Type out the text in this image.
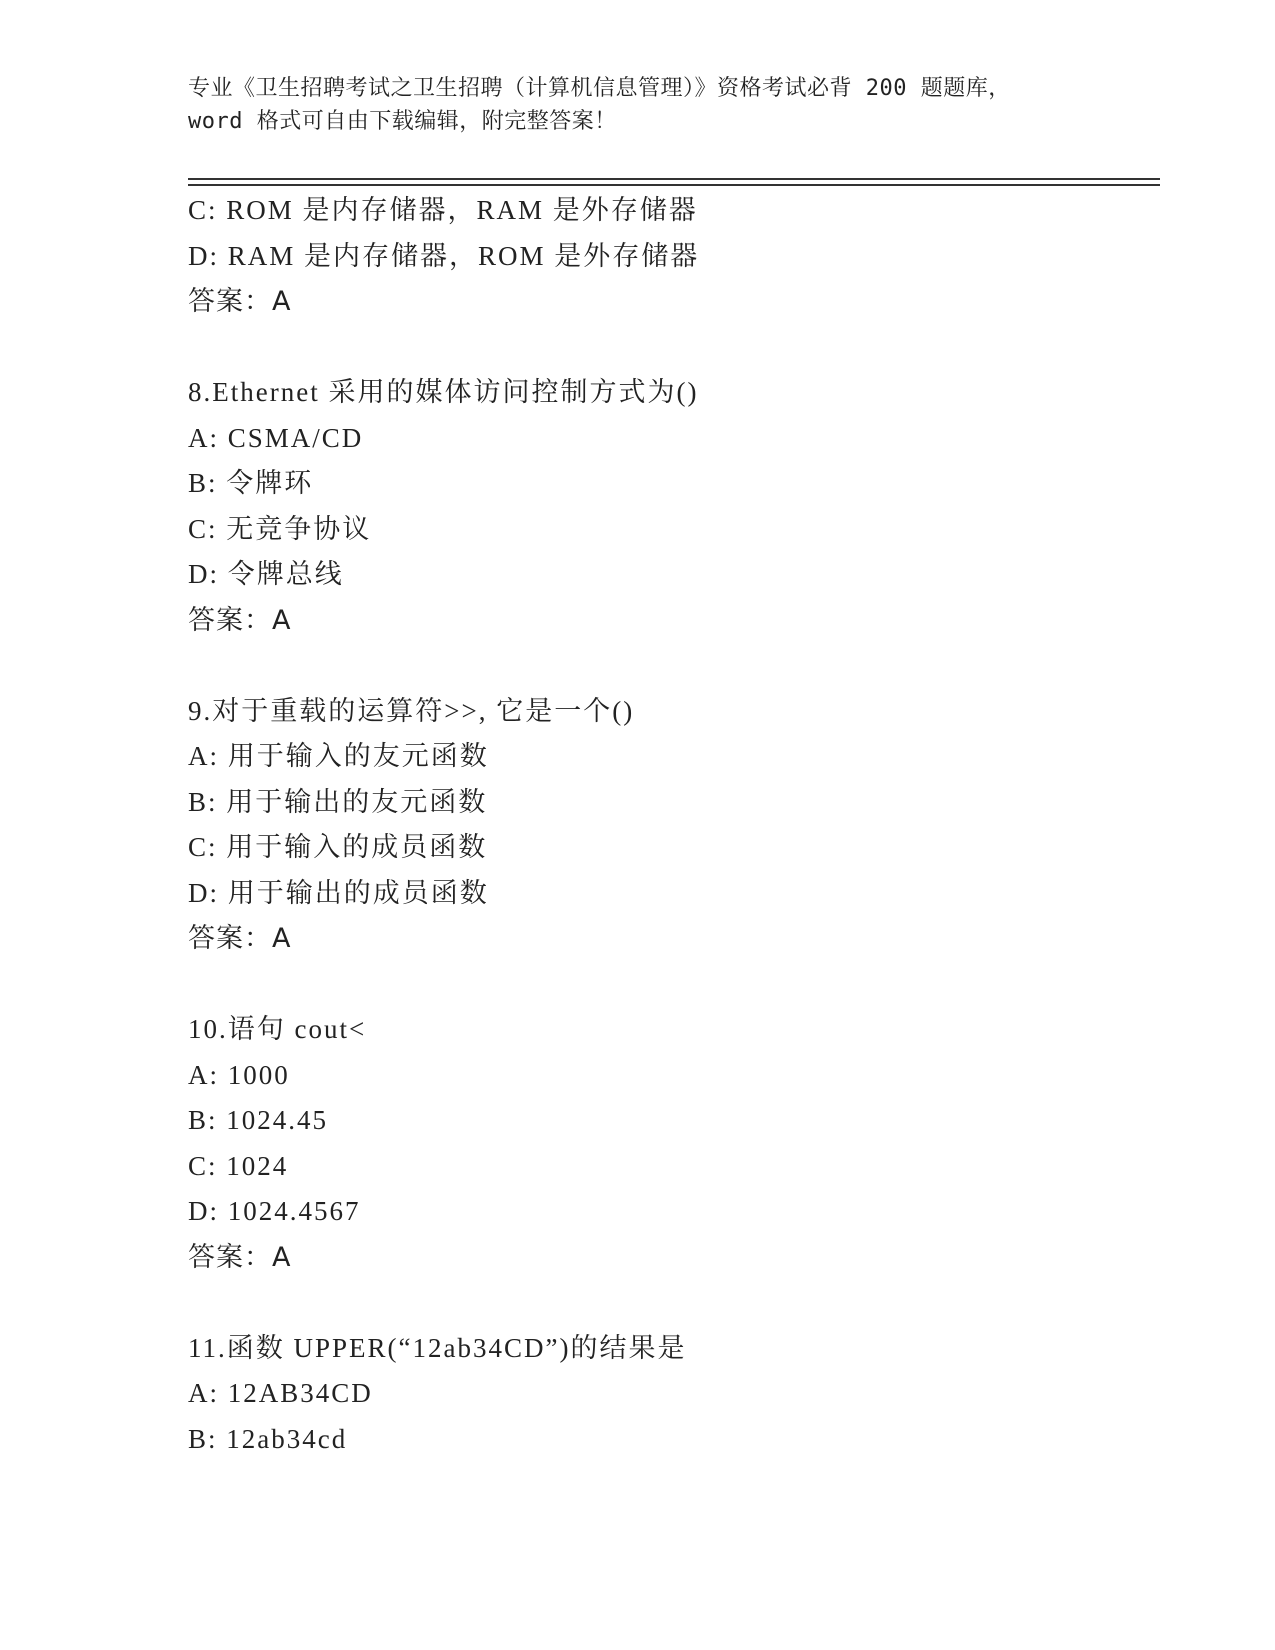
专业《卫生招聘考试之卫生招聘（计算机信息管理）》资格考试必背 200 题题库，
word 格式可自由下载编辑，附完整答案！
C: ROM 是内存储器，RAM 是外存储器
D: RAM 是内存储器，ROM 是外存储器
答案：A
8.Ethernet 采用的媒体访问控制方式为()
A: CSMA/CD
B: 令牌环
C: 无竞争协议
D: 令牌总线
答案：A
9.对于重载的运算符>>, 它是一个()
A: 用于输入的友元函数
B: 用于输出的友元函数
C: 用于输入的成员函数
D: 用于输出的成员函数
答案：A
10.语句 cout<
A: 1000
B: 1024.45
C: 1024
D: 1024.4567
答案：A
11.函数 UPPER(“12ab34CD”)的结果是
A: 12AB34CD
B: 12ab34cd
